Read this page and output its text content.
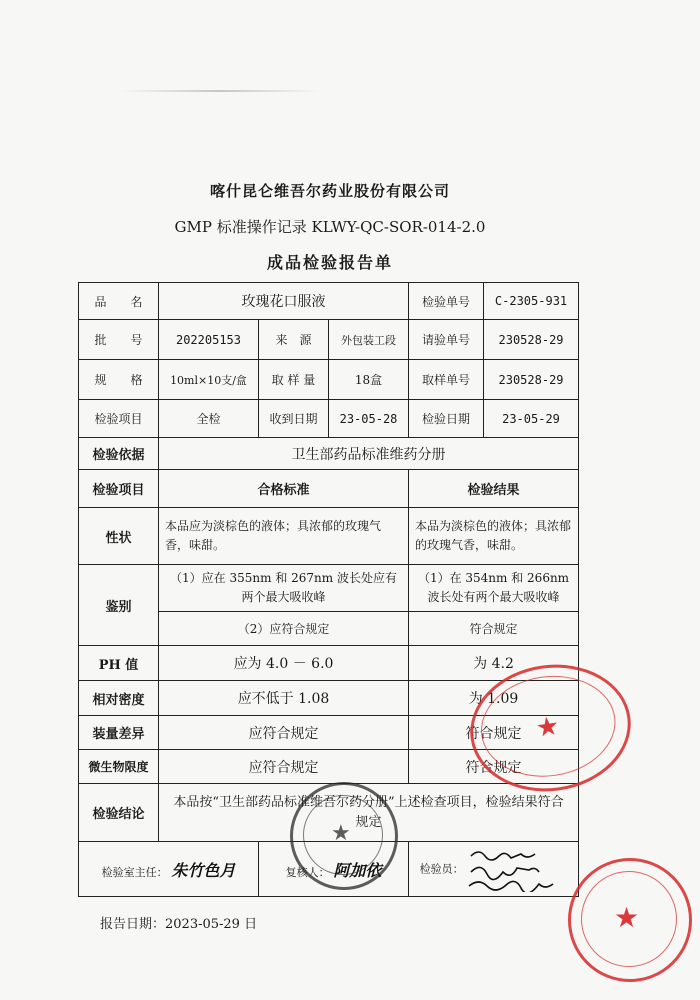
喀什昆仑维吾尔药业股份有限公司
GMP 标准操作记录 KLWY-QC-SOR-014-2.0
成品检验报告单
品　　名	玫瑰花口服液			检验单号	C-2305-931
批　　号	202205153	来　源	外包装工段	请验单号	230528-29
规　　格	10ml×10支/盒	取 样 量	18盒	取样单号	230528-29
检验项目	全检	收到日期	23-05-28	检验日期	23-05-29
检验依据	卫生部药品标准维药分册				
检验项目	合格标准			检验结果	
性状	本品应为淡棕色的液体；具浓郁的玫瑰气香，味甜。			本品为淡棕色的液体；具浓郁的玫瑰气香，味甜。	
鉴别	（1）应在 355nm 和 267nm 波长处应有两个最大吸收峰			（1）在 354nm 和 266nm 波长处有两个最大吸收峰	
	（2）应符合规定			符合规定	
PH 值	应为 4.0 － 6.0			为 4.2	
相对密度	应不低于 1.08			为 1.09	
装量差异	应符合规定			符合规定	
微生物限度	应符合规定			符合规定	
检验结论	本品按“卫生部药品标准维吾尔药分册”上述检查项目，检验结果符合规定				
检验室主任： 朱竹色月		复核人： 阿加依		检验员：	
报告日期：2023-05-29 日
★
★
★
